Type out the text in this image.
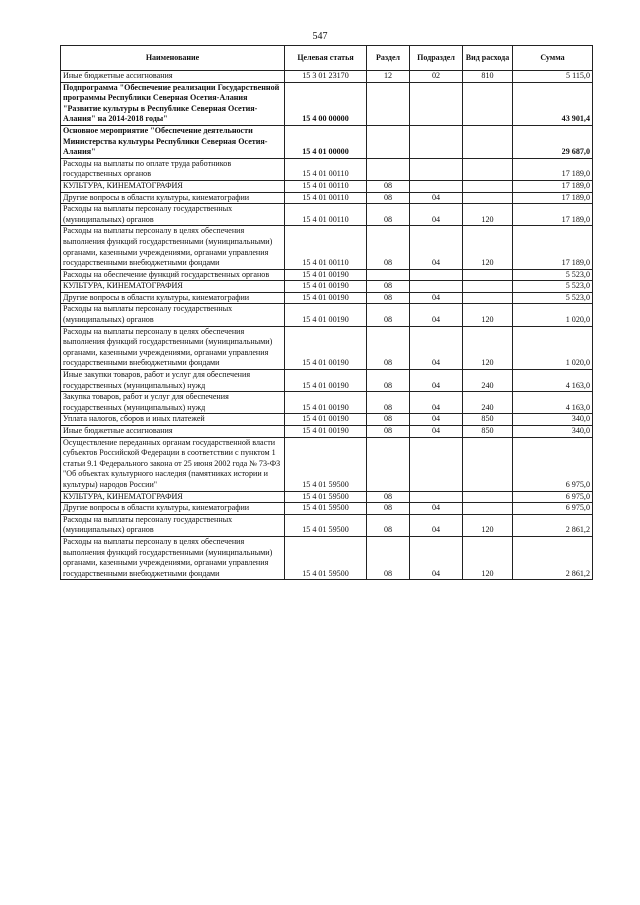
547
Наименование	Целевая статья	Раздел	Подраздел	Вид расхода	Сумма
Иные бюджетные ассигнования	15 3 01 23170	12	02	810	5 115,0
Подпрограмма "Обеспечение реализации Государственной программы Республики Северная Осетия-Алания "Развитие культуры в Республике Северная Осетия-Алания" на 2014-2018 годы"	15 4 00 00000				43 901,4
Основное мероприятие "Обеспечение деятельности Министерства культуры Республики Северная Осетия-Алания"	15 4 01 00000				29 687,0
Расходы на выплаты по оплате труда работников государственных органов	15 4 01 00110				17 189,0
КУЛЬТУРА, КИНЕМАТОГРАФИЯ	15 4 01 00110	08			17 189,0
Другие вопросы в области культуры, кинематографии	15 4 01 00110	08	04		17 189,0
Расходы на выплаты персоналу государственных (муниципальных) органов	15 4 01 00110	08	04	120	17 189,0
Расходы на выплаты персоналу в целях обеспечения выполнения функций государственными (муниципальными) органами, казенными учреждениями, органами управления государственными внебюджетными фондами	15 4 01 00110	08	04	120	17 189,0
Расходы на обеспечение функций государственных органов	15 4 01 00190				5 523,0
КУЛЬТУРА, КИНЕМАТОГРАФИЯ	15 4 01 00190	08			5 523,0
Другие вопросы в области культуры, кинематографии	15 4 01 00190	08	04		5 523,0
Расходы на выплаты персоналу государственных (муниципальных) органов	15 4 01 00190	08	04	120	1 020,0
Расходы на выплаты персоналу в целях обеспечения выполнения функций государственными (муниципальными) органами, казенными учреждениями, органами управления государственными внебюджетными фондами	15 4 01 00190	08	04	120	1 020,0
Иные закупки товаров, работ и услуг для обеспечения государственных (муниципальных) нужд	15 4 01 00190	08	04	240	4 163,0
Закупка товаров, работ и услуг для обеспечения государственных (муниципальных) нужд	15 4 01 00190	08	04	240	4 163,0
Уплата налогов, сборов и иных платежей	15 4 01 00190	08	04	850	340,0
Иные бюджетные ассигнования	15 4 01 00190	08	04	850	340,0
Осуществление переданных органам государственной власти субъектов Российской Федерации в соответствии с пунктом 1 статьи 9.1 Федерального закона от 25 июня 2002 года № 73-ФЗ "Об объектах культурного наследия (памятниках истории и культуры) народов России"	15 4 01 59500				6 975,0
КУЛЬТУРА, КИНЕМАТОГРАФИЯ	15 4 01 59500	08			6 975,0
Другие вопросы в области культуры, кинематографии	15 4 01 59500	08	04		6 975,0
Расходы на выплаты персоналу государственных (муниципальных) органов	15 4 01 59500	08	04	120	2 861,2
Расходы на выплаты персоналу в целях обеспечения выполнения функций государственными (муниципальными) органами, казенными учреждениями, органами управления государственными внебюджетными фондами	15 4 01 59500	08	04	120	2 861,2
